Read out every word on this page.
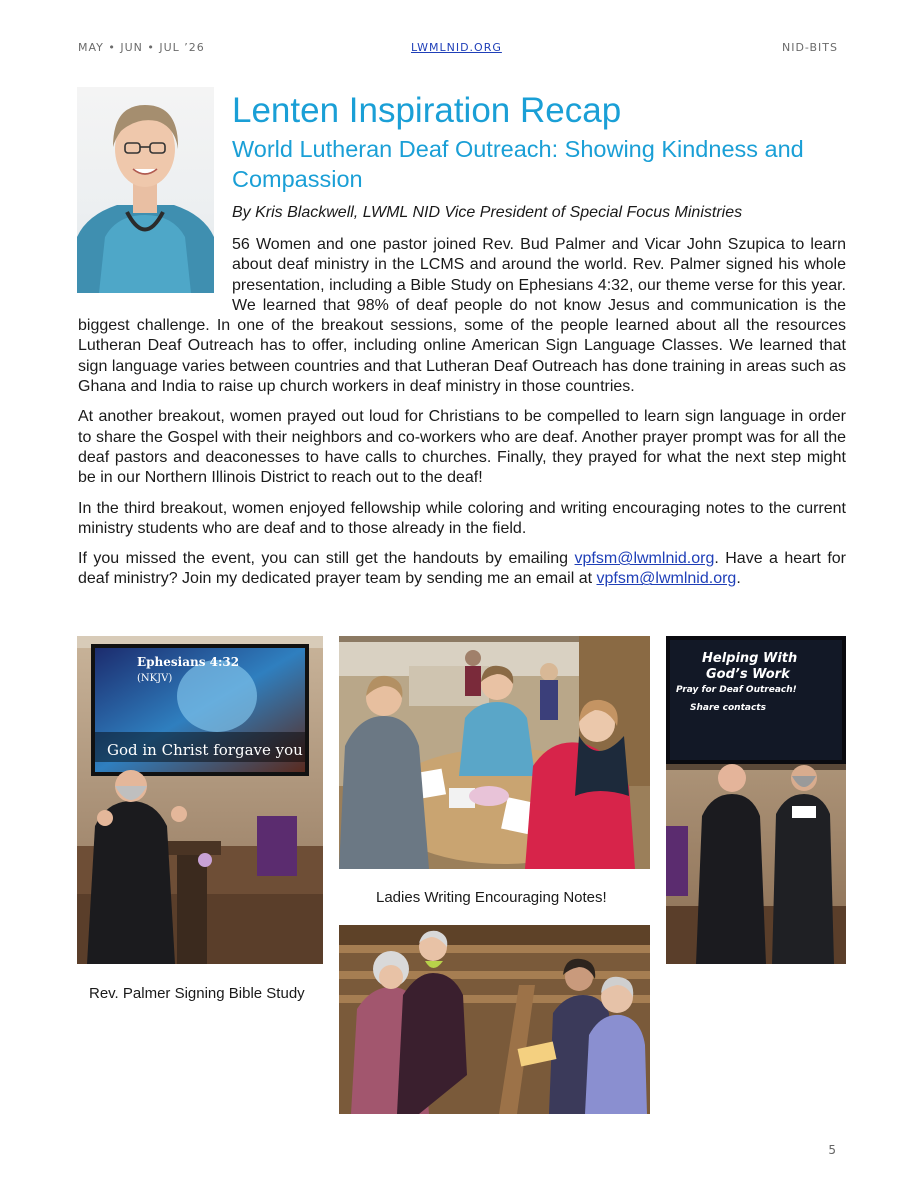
MAY • JUN • JUL ’26	LWMLNID.ORG	NID-BITS
Lenten Inspiration Recap
World Lutheran Deaf Outreach: Showing Kindness and Compassion

By Kris Blackwell, LWML NID Vice President of Special Focus Ministries

56 Women and one pastor joined Rev. Bud Palmer and Vicar John Szupica to learn about deaf ministry in the LCMS and around the world. Rev. Palmer signed his whole presentation, including a Bible Study on Ephesians 4:32, our theme verse for this year. We learned that 98% of deaf people do not know Jesus and communication is the biggest challenge. In one of the breakout sessions, some of the people learned about all the resources Lutheran Deaf Outreach has to offer, including online American Sign Language Classes. We learned that sign language varies between countries and that Lutheran Deaf Outreach has done training in areas such as Ghana and India to raise up church workers in deaf ministry in those countries.

At another breakout, women prayed out loud for Christians to be compelled to learn sign language in order to share the Gospel with their neighbors and co-workers who are deaf. Another prayer prompt was for all the deaf pastors and deaconesses to have calls to churches. Finally, they prayed for what the next step might be in our Northern Illinois District to reach out to the deaf!

In the third breakout, women enjoyed fellowship while coloring and writing encouraging notes to the current ministry students who are deaf and to those already in the field.

If you missed the event, you can still get the handouts by emailing vpfsm@lwmlnid.org. Have a heart for deaf ministry? Join my dedicated prayer team by sending me an email at vpfsm@lwmlnid.org.

Ephesians 4:32
(NKJV)
God in Christ forgave you
Helping With
God’s Work
Pray for Deaf Outreach!
Share contacts

Rev. Palmer Signing Bible Study

Ladies Writing Encouraging Notes!

5
